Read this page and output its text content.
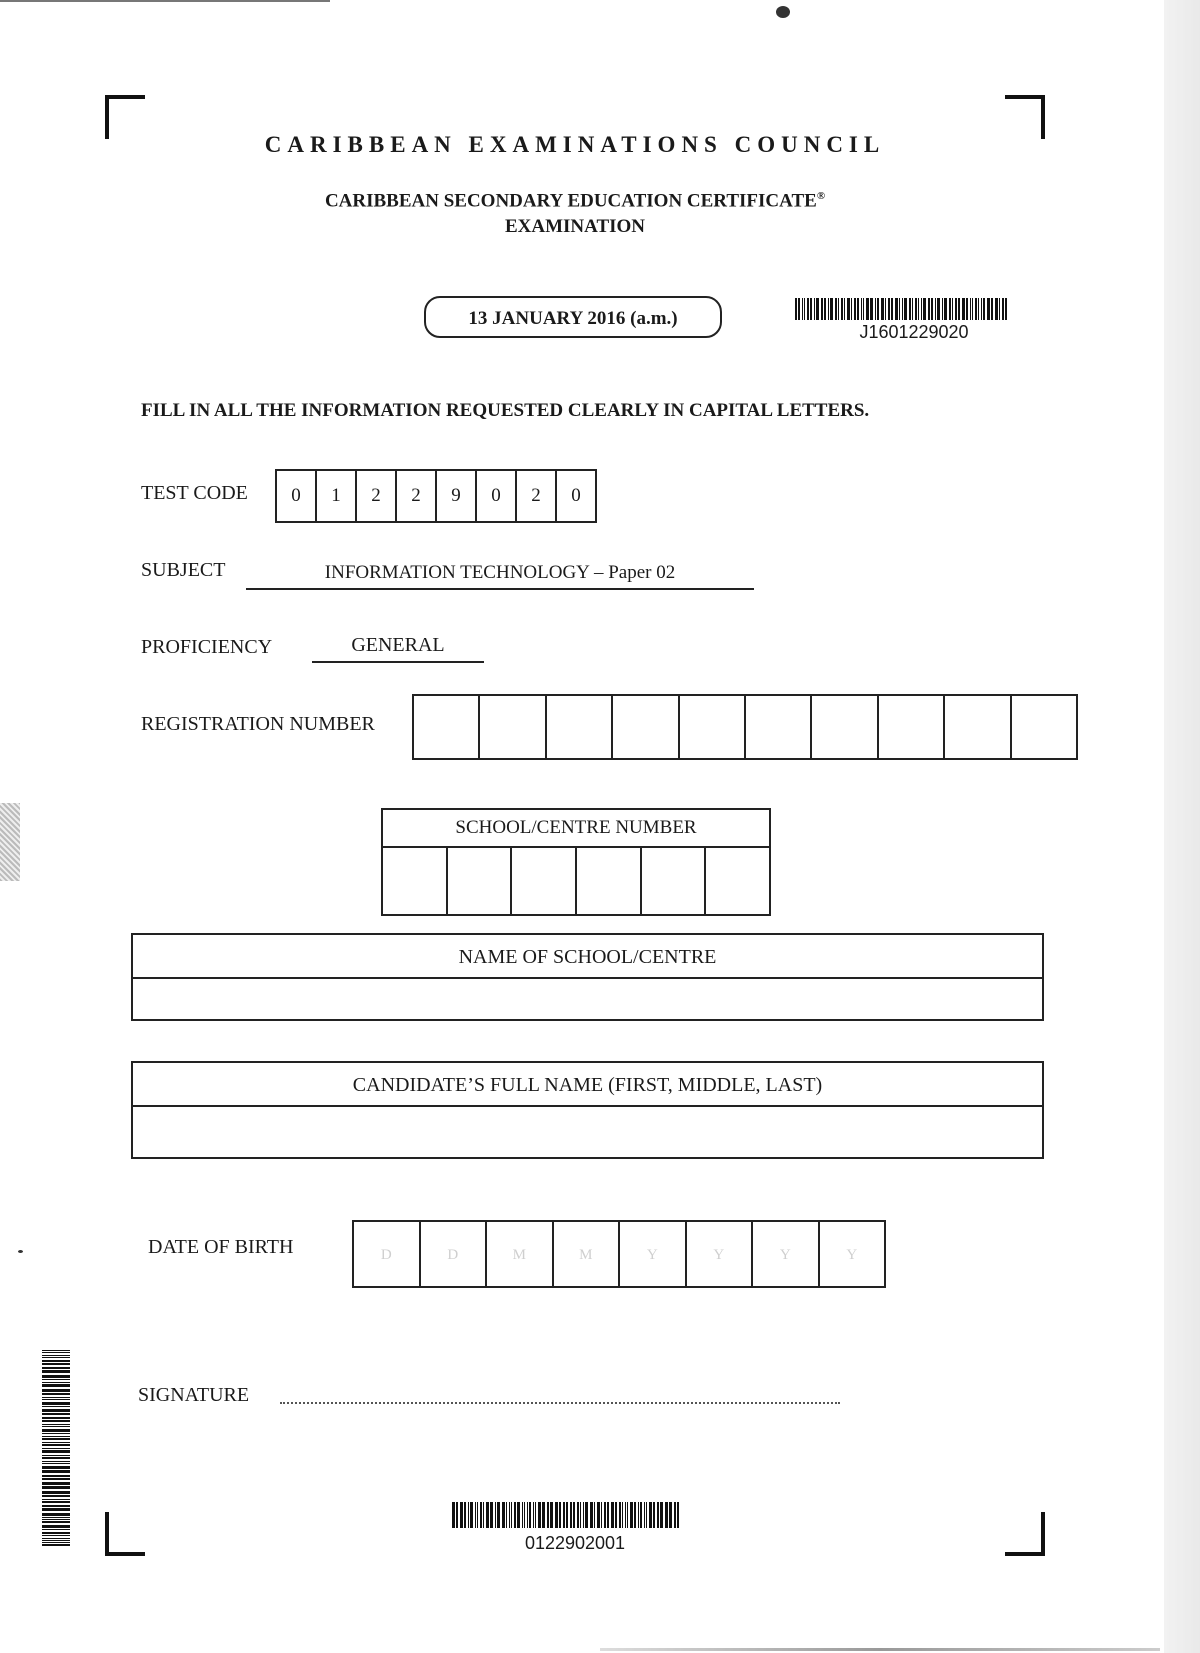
CARIBBEAN EXAMINATIONS COUNCIL
CARIBBEAN SECONDARY EDUCATION CERTIFICATE®
EXAMINATION
13 JANUARY 2016 (a.m.)
J1601229020
FILL IN ALL THE INFORMATION REQUESTED CLEARLY IN CAPITAL LETTERS.
TEST CODE	0	1	2	2	9	0	2	0
SUBJECT	INFORMATION TECHNOLOGY – Paper 02
PROFICIENCY	GENERAL
REGISTRATION NUMBER
SCHOOL/CENTRE NUMBER
NAME OF SCHOOL/CENTRE
CANDIDATE’S FULL NAME (FIRST, MIDDLE, LAST)
DATE OF BIRTH	D	D	M	M	Y	Y	Y	Y
SIGNATURE
0122902001
